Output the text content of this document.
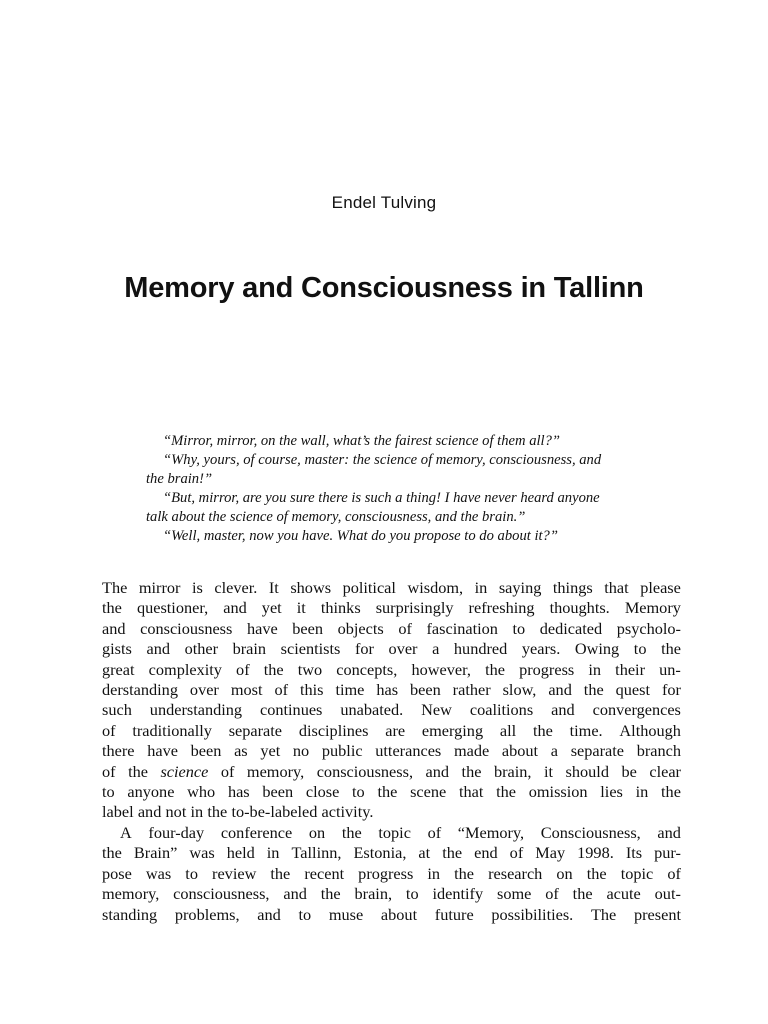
Endel Tulving
Memory and Consciousness in Tallinn
“Mirror, mirror, on the wall, what’s the fairest science of them all?”
“Why, yours, of course, master: the science of memory, consciousness, and
the brain!”
“But, mirror, are you sure there is such a thing! I have never heard anyone
talk about the science of memory, consciousness, and the brain.”
“Well, master, now you have. What do you propose to do about it?”
The mirror is clever. It shows political wisdom, in saying things that please
the questioner, and yet it thinks surprisingly refreshing thoughts. Memory
and consciousness have been objects of fascination to dedicated psycholo-
gists and other brain scientists for over a hundred years. Owing to the
great complexity of the two concepts, however, the progress in their un-
derstanding over most of this time has been rather slow, and the quest for
such understanding continues unabated. New coalitions and convergences
of traditionally separate disciplines are emerging all the time. Although
there have been as yet no public utterances made about a separate branch
of the science of memory, consciousness, and the brain, it should be clear
to anyone who has been close to the scene that the omission lies in the
label and not in the to-be-labeled activity.
A four-day conference on the topic of “Memory, Consciousness, and
the Brain” was held in Tallinn, Estonia, at the end of May 1998. Its pur-
pose was to review the recent progress in the research on the topic of
memory, consciousness, and the brain, to identify some of the acute out-
standing problems, and to muse about future possibilities. The present
